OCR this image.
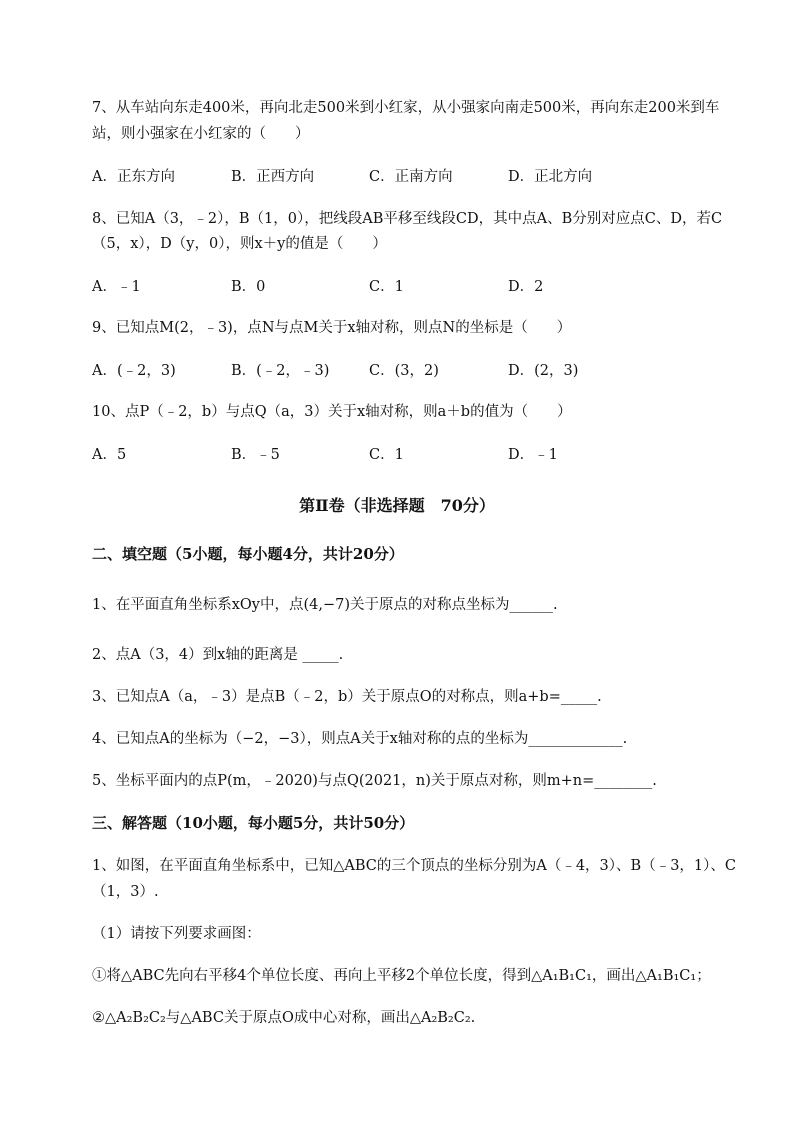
7、从车站向东走400米，再向北走500米到小红家，从小强家向南走500米，再向东走200米到车
站，则小强家在小红家的（　　）
A．正东方向	B．正西方向	C．正南方向	D．正北方向
8、已知A（3，﹣2），B（1，0），把线段AB平移至线段CD，其中点A、B分别对应点C、D，若C
（5，x），D（y，0），则x＋y的值是（　　）
A．﹣1	B．0	C．1	D．2
9、已知点M(2，﹣3)，点N与点M关于x轴对称，则点N的坐标是（　　）
A．(﹣2，3)	B．(﹣2，﹣3)	C．(3，2)	D．(2，3)
10、点P（﹣2，b）与点Q（a，3）关于x轴对称，则a＋b的值为（　　）
A．5	B．﹣5	C．1	D．﹣1
第Ⅱ卷（非选择题　70分）
二、填空题（5小题，每小题4分，共计20分）
1、在平面直角坐标系xOy中，点(4,−7)关于原点的对称点坐标为______.
2、点A（3，4）到x轴的距离是 _____.
3、已知点A（a，﹣3）是点B（﹣2，b）关于原点O的对称点，则a+b=_____.
4、已知点A的坐标为（−2，−3），则点A关于x轴对称的点的坐标为_____________.
5、坐标平面内的点P(m，﹣2020)与点Q(2021，n)关于原点对称，则m+n=________.
三、解答题（10小题，每小题5分，共计50分）
1、如图，在平面直角坐标系中，已知△ABC的三个顶点的坐标分别为A（﹣4，3）、B（﹣3，1）、C
（1，3）.
（1）请按下列要求画图：
①将△ABC先向右平移4个单位长度、再向上平移2个单位长度，得到△A₁B₁C₁，画出△A₁B₁C₁；
②△A₂B₂C₂与△ABC关于原点O成中心对称，画出△A₂B₂C₂.
